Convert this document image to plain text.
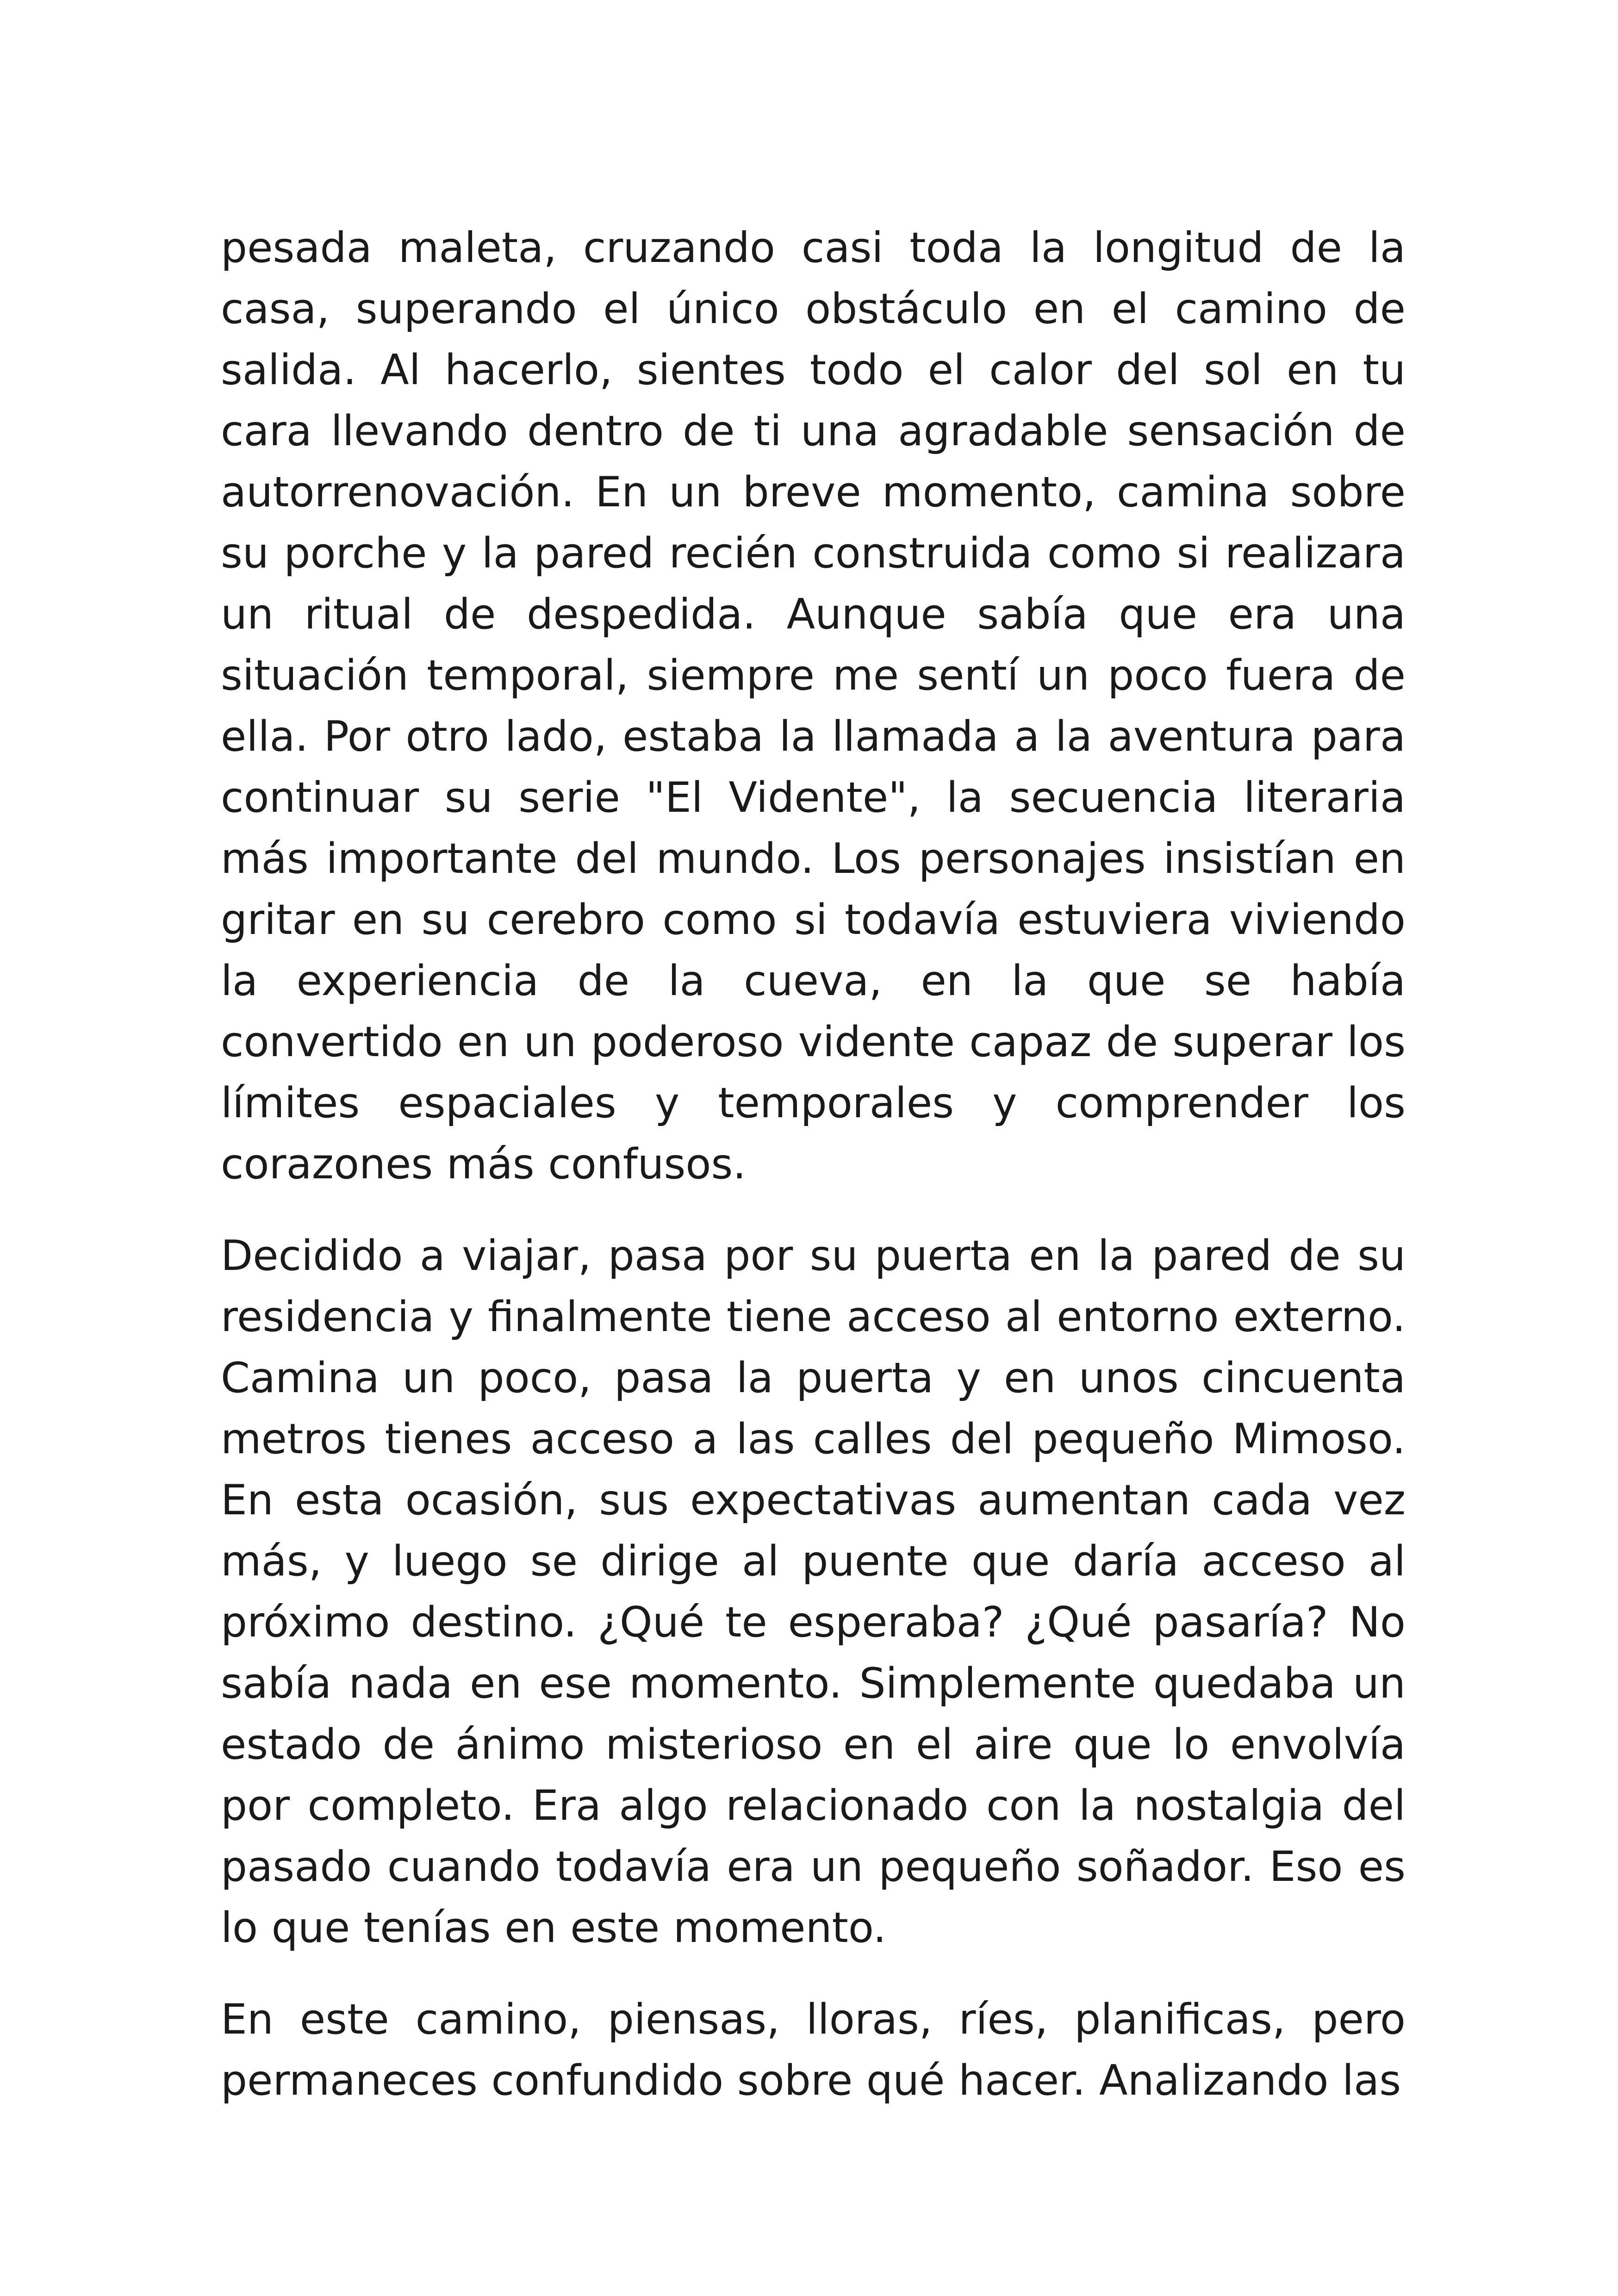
pesada maleta, cruzando casi toda la longitud de la casa, superando el único obstáculo en el camino de salida. Al hacerlo, sientes todo el calor del sol en tu cara llevando dentro de ti una agradable sensación de autorrenovación. En un breve momento, camina sobre su porche y la pared recién construida como si realizara un ritual de despedida. Aunque sabía que era una situación temporal, siempre me sentí un poco fuera de ella. Por otro lado, estaba la llamada a la aventura para continuar su serie "El Vidente", la secuencia literaria más importante del mundo. Los personajes insistían en gritar en su cerebro como si todavía estuviera viviendo la experiencia de la cueva, en la que se había convertido en un poderoso vidente capaz de superar los límites espaciales y temporales y comprender los corazones más confusos.

Decidido a viajar, pasa por su puerta en la pared de su residencia y finalmente tiene acceso al entorno externo. Camina un poco, pasa la puerta y en unos cincuenta metros tienes acceso a las calles del pequeño Mimoso. En esta ocasión, sus expectativas aumentan cada vez más, y luego se dirige al puente que daría acceso al próximo destino. ¿Qué te esperaba? ¿Qué pasaría? No sabía nada en ese momento. Simplemente quedaba un estado de ánimo misterioso en el aire que lo envolvía por completo. Era algo relacionado con la nostalgia del pasado cuando todavía era un pequeño soñador. Eso es lo que tenías en este momento.

En este camino, piensas, lloras, ríes, planificas, pero permaneces confundido sobre qué hacer. Analizando las
